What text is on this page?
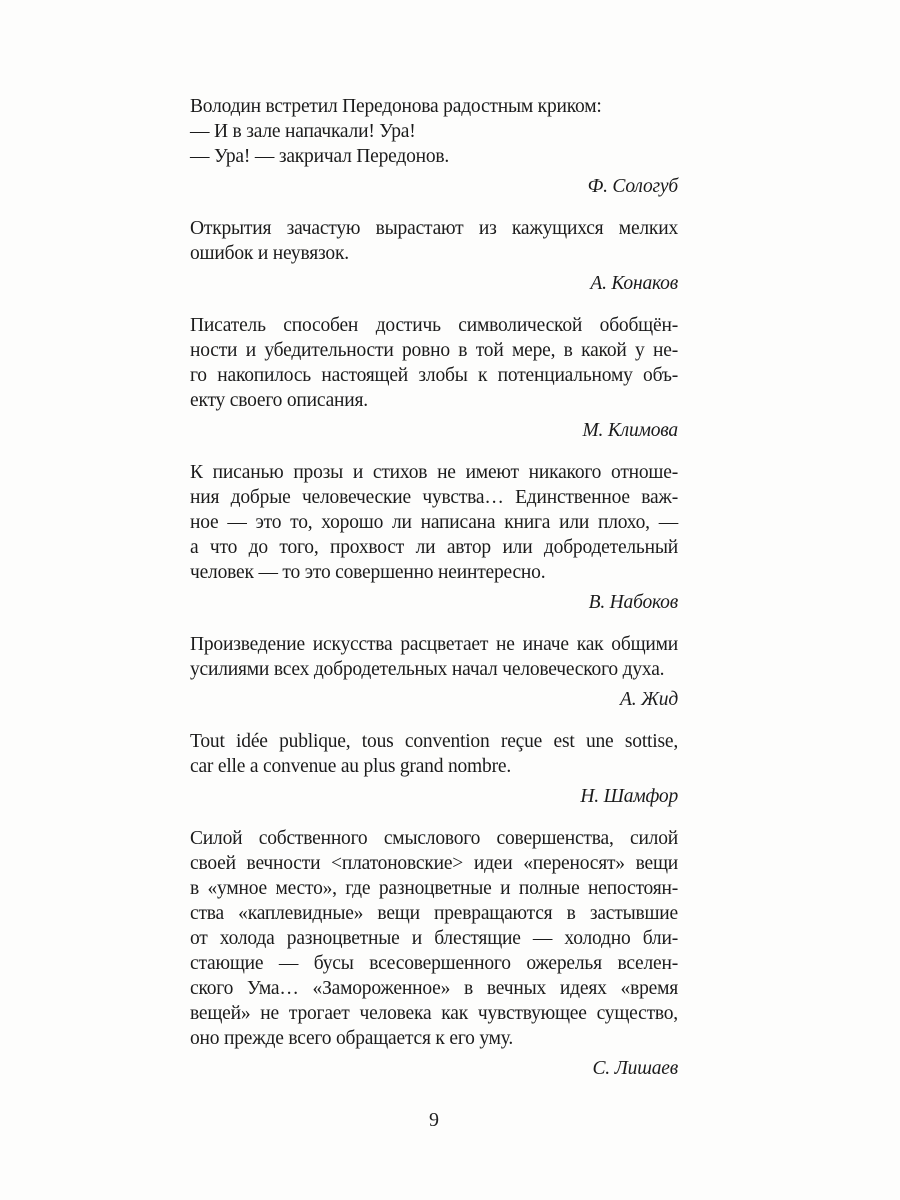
Володин встретил Передонова радостным криком:
— И в зале напачкали! Ура!
— Ура! — закричал Передонов.
Ф. Сологуб
Открытия зачастую вырастают из кажущихся мелких
ошибок и неувязок.
А. Конаков
Писатель способен достичь символической обобщён-
ности и убедительности ровно в той мере, в какой у не-
го накопилось настоящей злобы к потенциальному объ-
екту своего описания.
М. Климова
К писанью прозы и стихов не имеют никакого отноше-
ния добрые человеческие чувства… Единственное важ-
ное — это то, хорошо ли написана книга или плохо, —
а что до того, прохвост ли автор или добродетельный
человек — то это совершенно неинтересно.
В. Набоков
Произведение искусства расцветает не иначе как общими
усилиями всех добродетельных начал человеческого духа.
А. Жид
Tout idée publique, tous convention reçue est une sottise,
car elle a convenue au plus grand nombre.
Н. Шамфор
Силой собственного смыслового совершенства, силой
своей вечности <платоновские> идеи «переносят» вещи
в «умное место», где разноцветные и полные непостоян-
ства «каплевидные» вещи превращаются в застывшие
от холода разноцветные и блестящие — холодно бли-
стающие — бусы всесовершенного ожерелья вселен-
ского Ума… «Замороженное» в вечных идеях «время
вещей» не трогает человека как чувствующее существо,
оно прежде всего обращается к его уму.
С. Лишаев
9
